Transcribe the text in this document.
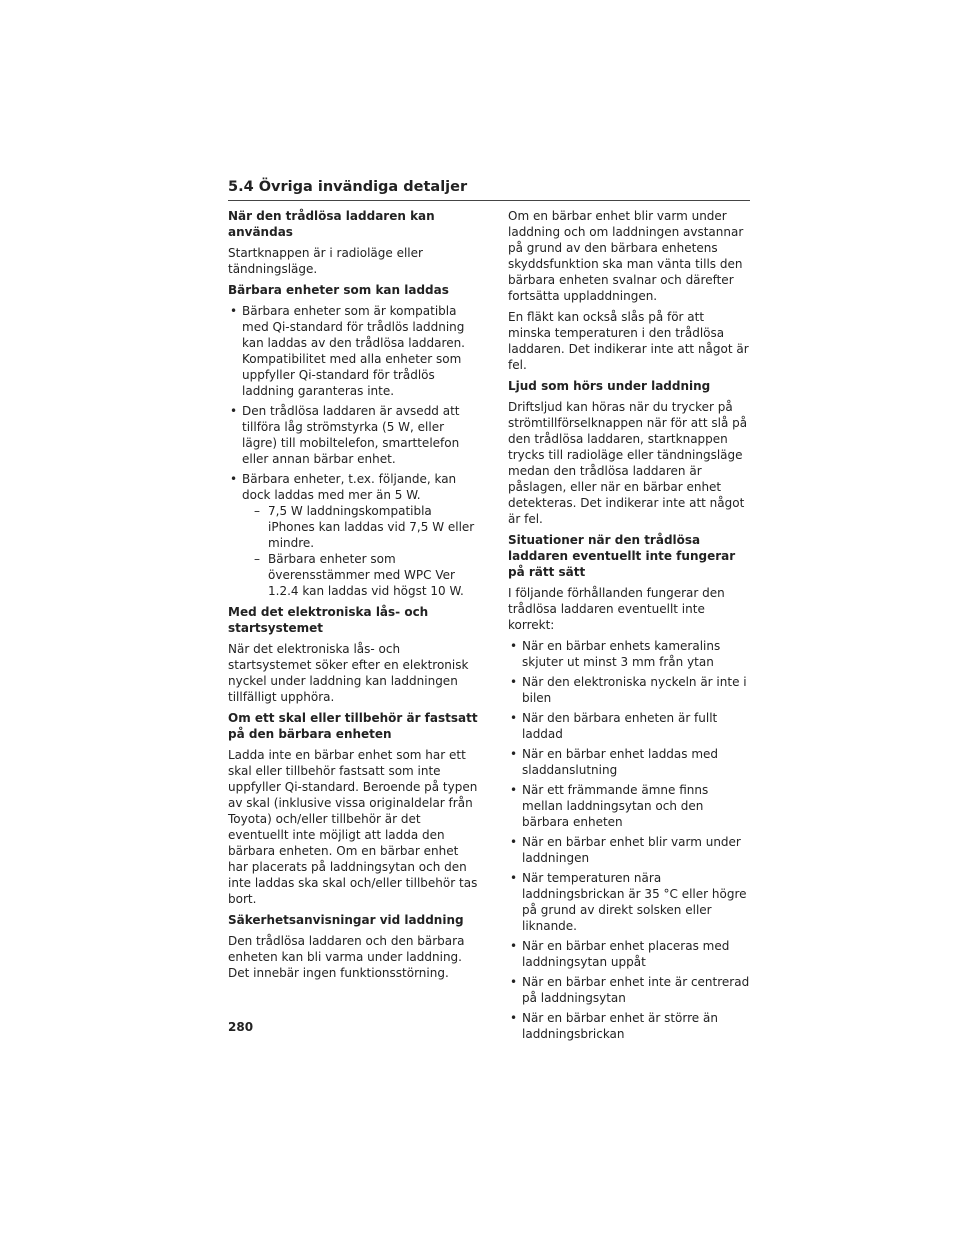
5.4 Övriga invändiga detaljer
När den trådlösa laddaren kan användas

Startknappen är i radioläge eller tändningsläge.

Bärbara enheter som kan laddas
• Bärbara enheter som är kompatibla med Qi-standard för trådlös laddning kan laddas av den trådlösa laddaren. Kompatibilitet med alla enheter som uppfyller Qi-standard för trådlös laddning garanteras inte.
• Den trådlösa laddaren är avsedd att tillföra låg strömstyrka (5 W, eller lägre) till mobiltelefon, smarttelefon eller annan bärbar enhet.
• Bärbara enheter, t.ex. följande, kan dock laddas med mer än 5 W.
– 7,5 W laddningskompatibla iPhones kan laddas vid 7,5 W eller mindre.
– Bärbara enheter som överensstämmer med WPC Ver 1.2.4 kan laddas vid högst 10 W.
Med det elektroniska lås- och startsystemet

När det elektroniska lås- och startsystemet söker efter en elektronisk nyckel under laddning kan laddningen tillfälligt upphöra.

Om ett skal eller tillbehör är fastsatt på den bärbara enheten

Ladda inte en bärbar enhet som har ett skal eller tillbehör fastsatt som inte uppfyller Qi-standard. Beroende på typen av skal (inklusive vissa originaldelar från Toyota) och/eller tillbehör är det eventuellt inte möjligt att ladda den bärbara enheten. Om en bärbar enhet har placerats på laddningsytan och den inte laddas ska skal och/eller tillbehör tas bort.

Säkerhetsanvisningar vid laddning

Den trådlösa laddaren och den bärbara enheten kan bli varma under laddning. Det innebär ingen funktionsstörning.

Om en bärbar enhet blir varm under laddning och om laddningen avstannar på grund av den bärbara enhetens skyddsfunktion ska man vänta tills den bärbara enheten svalnar och därefter fortsätta uppladdningen.

En fläkt kan också slås på för att minska temperaturen i den trådlösa laddaren. Det indikerar inte att något är fel.

Ljud som hörs under laddning

Driftsljud kan höras när du trycker på strömtillförselknappen när för att slå på den trådlösa laddaren, startknappen trycks till radioläge eller tändningsläge medan den trådlösa laddaren är påslagen, eller när en bärbar enhet detekteras. Det indikerar inte att något är fel.

Situationer när den trådlösa laddaren eventuellt inte fungerar på rätt sätt

I följande förhållanden fungerar den trådlösa laddaren eventuellt inte korrekt:

• När en bärbar enhets kameralins skjuter ut minst 3 mm från ytan
• När den elektroniska nyckeln är inte i bilen
• När den bärbara enheten är fullt laddad
• När en bärbar enhet laddas med sladdanslutning
• När ett främmande ämne finns mellan laddningsytan och den bärbara enheten
• När en bärbar enhet blir varm under laddningen
• När temperaturen nära laddningsbrickan är 35 °C eller högre på grund av direkt solsken eller liknande.
• När en bärbar enhet placeras med laddningsytan uppåt
• När en bärbar enhet inte är centrerad på laddningsytan
• När en bärbar enhet är större än laddningsbrickan

280
